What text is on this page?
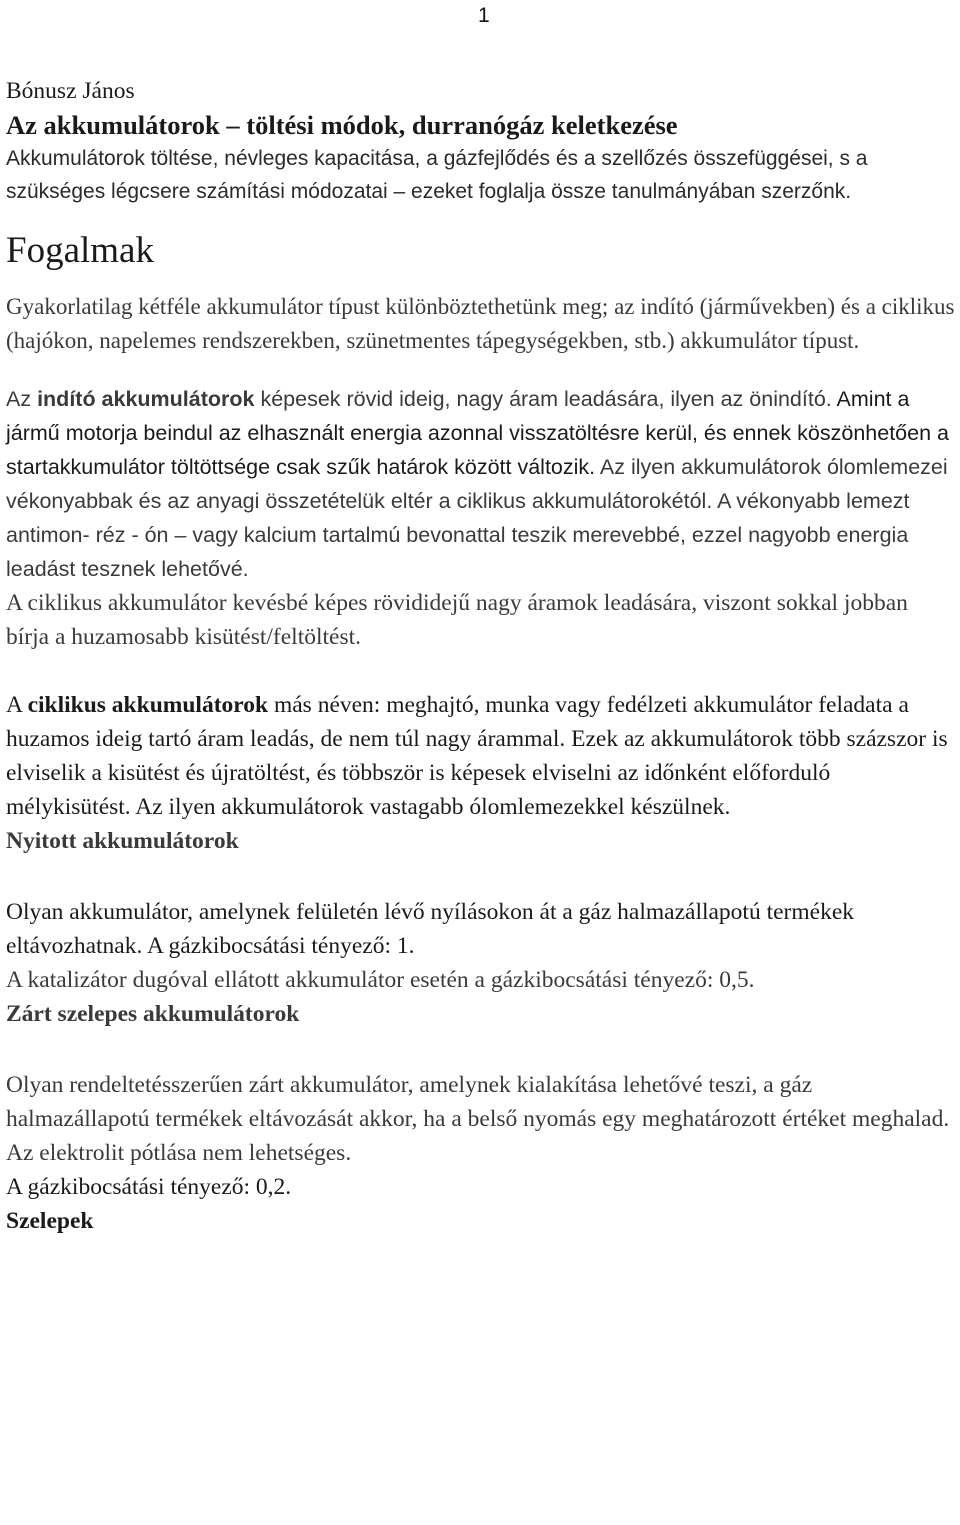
1

Bónusz János

Az akkumulátorok – töltési módok, durranógáz keletkezése

Akkumulátorok töltése, névleges kapacitása, a gázfejlődés és a szellőzés összefüggései, s a szükséges légcsere számítási módozatai – ezeket foglalja össze tanulmányában szerzőnk.

Fogalmak

Gyakorlatilag kétféle akkumulátor típust különböztethetünk meg; az indító (járművekben) és a ciklikus (hajókon, napelemes rendszerekben, szünetmentes tápegységekben, stb.) akkumulátor típust.

Az indító akkumulátorok képesek rövid ideig, nagy áram leadására, ilyen az önindító. Amint a jármű motorja beindul az elhasznált energia azonnal visszatöltésre kerül, és ennek köszönhetően a startakkumulátor töltöttsége csak szűk határok között változik. Az ilyen akkumulátorok ólomlemezei vékonyabbak és az anyagi összetételük eltér a ciklikus akkumulátorokétól. A vékonyabb lemezt antimon- réz - ón – vagy kalcium tartalmú bevonattal teszik merevebbé, ezzel nagyobb energia leadást tesznek lehetővé.

A ciklikus akkumulátor kevésbé képes rövididejű nagy áramok leadására, viszont sokkal jobban bírja a huzamosabb kisütést/feltöltést.

A ciklikus akkumulátorok más néven: meghajtó, munka vagy fedélzeti akkumulátor feladata a huzamos ideig tartó áram leadás, de nem túl nagy árammal. Ezek az akkumulátorok több százszor is elviselik a kisütést és újratöltést, és többször is képesek elviselni az időnként előforduló mélykisütést. Az ilyen akkumulátorok vastagabb ólomlemezekkel készülnek.

Nyitott akkumulátorok

Olyan akkumulátor, amelynek felületén lévő nyílásokon át a gáz halmazállapotú termékek eltávozhatnak. A gázkibocsátási tényező: 1.

A katalizátor dugóval ellátott akkumulátor esetén a gázkibocsátási tényező: 0,5.

Zárt szelepes akkumulátorok

Olyan rendeltetésszerűen zárt akkumulátor, amelynek kialakítása lehetővé teszi, a gáz halmazállapotú termékek eltávozását akkor, ha a belső nyomás egy meghatározott értéket meghalad. Az elektrolit pótlása nem lehetséges.

A gázkibocsátási tényező: 0,2.

Szelepek
